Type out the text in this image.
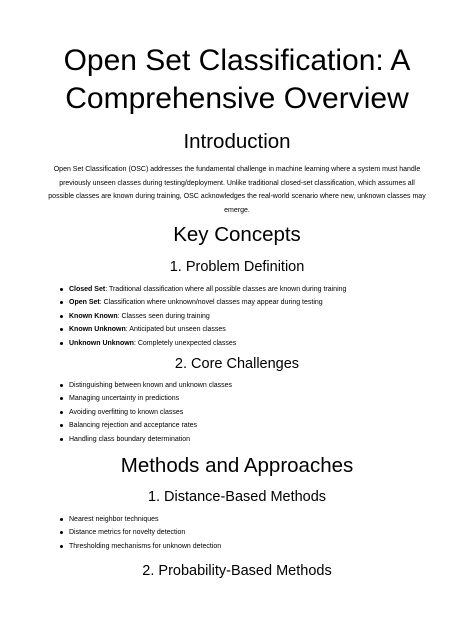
Open Set Classification: A Comprehensive Overview
Introduction

Open Set Classification (OSC) addresses the fundamental challenge in machine learning where a system must handle previously unseen classes during testing/deployment. Unlike traditional closed-set classification, which assumes all possible classes are known during training, OSC acknowledges the real-world scenario where new, unknown classes may emerge.

Key Concepts
1. Problem Definition
Closed Set: Traditional classification where all possible classes are known during training
Open Set: Classification where unknown/novel classes may appear during testing
Known Known: Classes seen during training
Known Unknown: Anticipated but unseen classes
Unknown Unknown: Completely unexpected classes
2. Core Challenges
Distinguishing between known and unknown classes
Managing uncertainty in predictions
Avoiding overfitting to known classes
Balancing rejection and acceptance rates
Handling class boundary determination
Methods and Approaches
1. Distance-Based Methods
Nearest neighbor techniques
Distance metrics for novelty detection
Thresholding mechanisms for unknown detection
2. Probability-Based Methods
